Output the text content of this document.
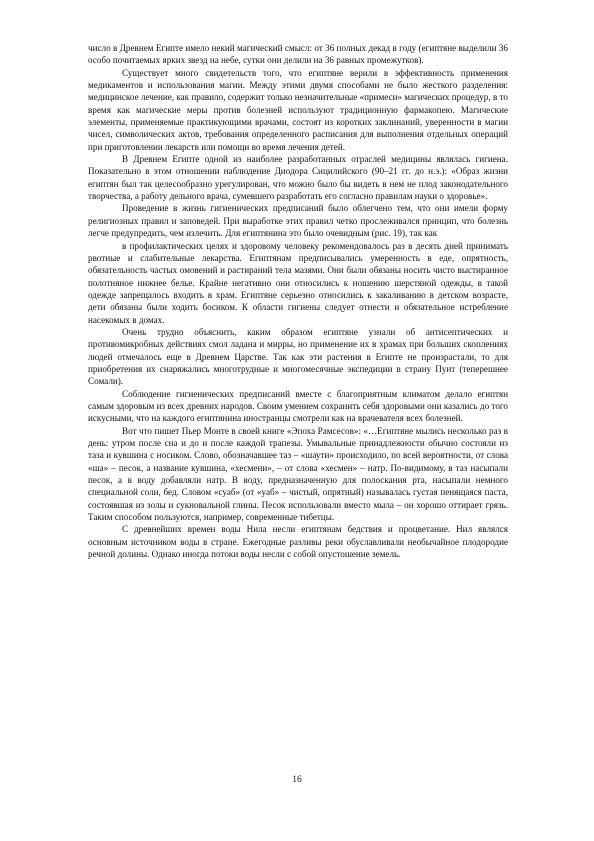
число в Древнем Египте имело некий магический смысл: от 36 полных декад в году (египтяне выделили 36 особо почитаемых ярких звезд на небе, сутки они делили на 36 равных промежутков).

Существует много свидетельств того, что египтяне верили в эффективность применения медикаментов и использования магии. Между этими двумя способами не было жесткого разделения: медицинское лечение, как правило, содержит только незначительные «примеси» магических процедур, в то время как магические меры против болезней используют традиционную фармакопею. Магические элементы, применяемые практикующими врачами, состоят из коротких заклинаний, уверенности в магии чисел, символических актов, требования определенного расписания для выполнения отдельных операций при приготовлении лекарств или помощи во время лечения детей.

В Древнем Египте одной из наиболее разработанных отраслей медицины являлась гигиена. Показательно в этом отношении наблюдение Диодора Сицилийского (90–21 гг. до н.э.): «Образ жизни египтян был так целесообразно урегулирован, что можно было бы видеть в нем не плод законодательного творчества, а работу дельного врача, сумевшего разработать его согласно правилам науки о здоровье».

Проведение в жизнь гигиенических предписаний было облегчено тем, что они имели форму религиозных правил и заповедей. При выработке этих правил четко прослеживался принцип, что болезнь легче предупредить, чем излечить. Для египтянина это было очевидным (рис. 19), так как

в профилактических целях и здоровому человеку рекомендовалось раз в десять дней принимать рвотные и слабительные лекарства. Египтянам предписывались умеренность в еде, опрятность, обязательность частых омовений и растираний тела мазями. Они были обязаны носить чисто выстиранное полотняное нижнее белье. Крайне негативно они относились к ношению шерстяной одежды, в такой одежде запрещалось входить в храм. Египтяне серьезно относились к закаливанию в детском возрасте, дети обязаны были ходить босиком. К области гигиены следует отнести и обязательное истребление насекомых в домах.

Очень трудно объяснить, каким образом египтяне узнали об антисептических и противомикробных действиях смол ладана и мирры, но применение их в храмах при больших скоплениях людей отмечалось еще в Древнем Царстве. Так как эти растения в Египте не произрастали, то для приобретения их снаряжались многотрудные и многомесячные экспедиции в страну Пунт (теперешнее Сомали).

Соблюдение гигиенических предписаний вместе с благоприятным климатом делало египтян самым здоровым из всех древних народов. Своим умением сохранить себя здоровыми они казались до того искусными, что на каждого египтянина иностранцы смотрели как на врачевателя всех болезней.

Вот что пишет Пьер Монте в своей книге «Эпоха Рамсесов»: «…Египтяне мылись несколько раз в день: утром после сна и до и после каждой трапезы. Умывальные принадлежности обычно состояли из таза и кувшина с носиком. Слово, обозначавшее таз – «шаути» происходило, по всей вероятности, от слова «ша» – песок, а название кувшина, «хесмени», – от слова «хесмен» – натр. По-видимому, в таз насыпали песок, а в воду добавляли натр. В воду, предназначенную для полоскания рта, насыпали немного специальной соли, бед. Словом «суаб» (от «уаб» – чистый, опрятный) называлась густая пенящаяся паста, состоявшая из золы и сукновальной глины. Песок использовали вместо мыла – он хорошо оттирает грязь. Таким способом пользуются, например, современные тибетцы.

С древнейших времен воды Нила несли египтянам бедствия и процветание. Нил являлся основным источником воды в стране. Ежегодные разливы реки обуславливали необычайное плодородие речной долины. Однако иногда потоки воды несли с собой опустошение земель.

16
